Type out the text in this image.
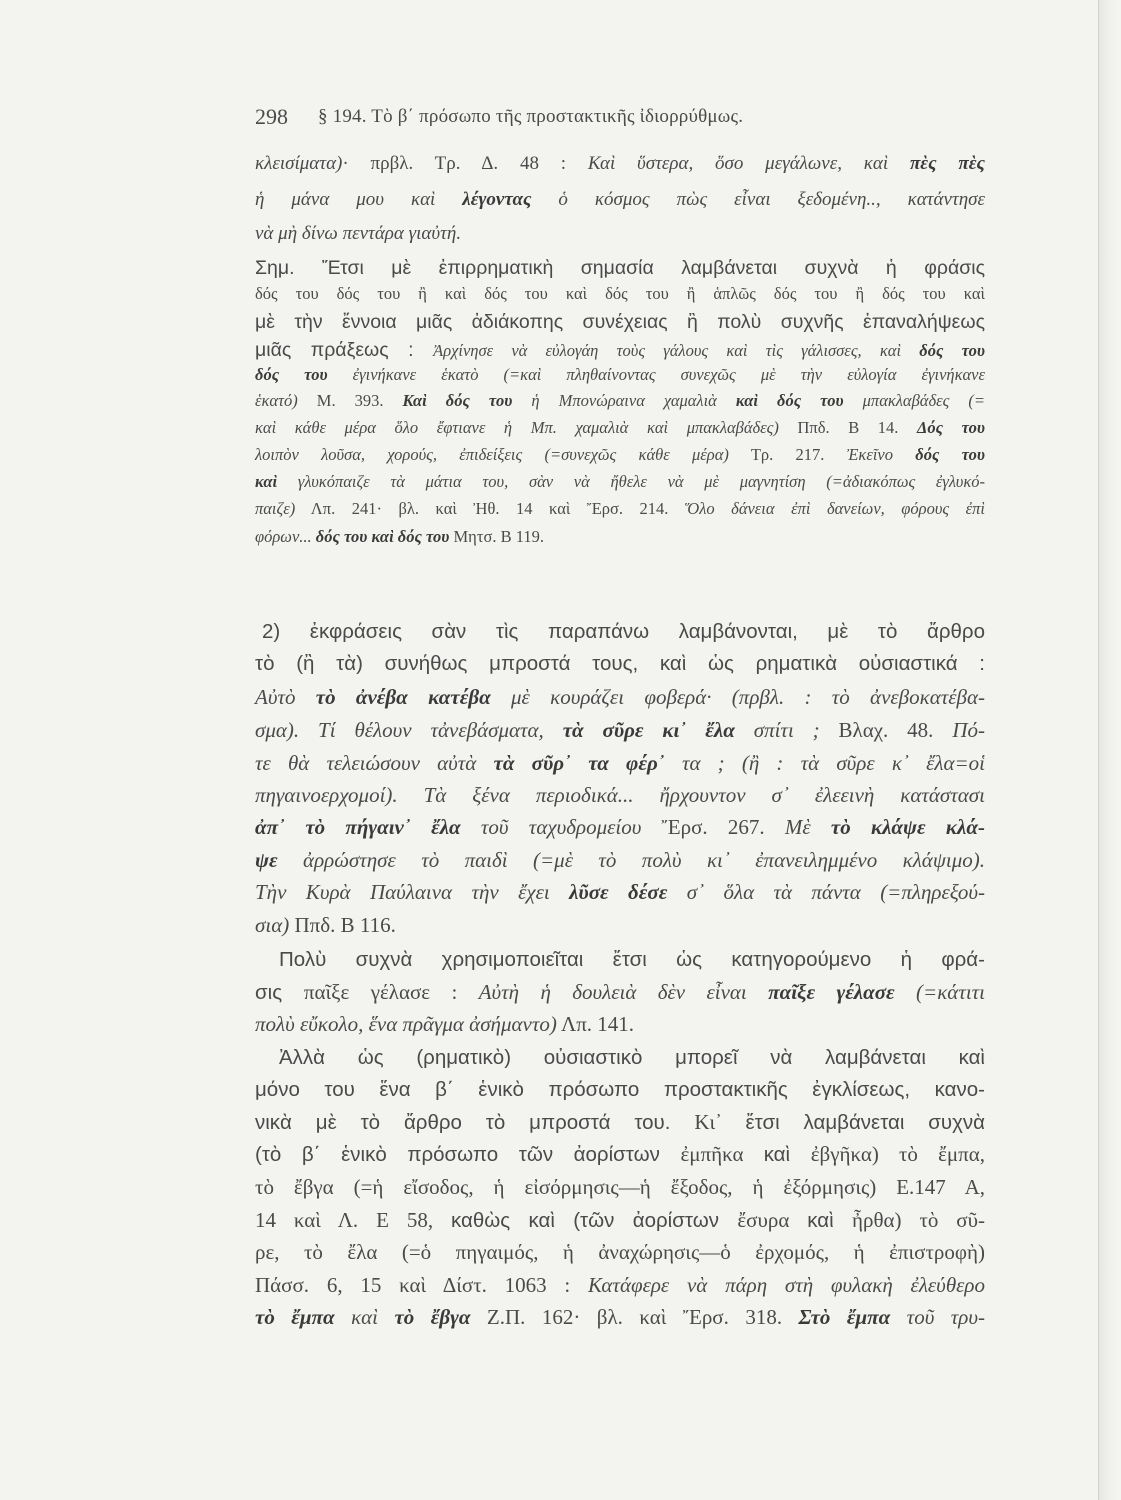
298 § 194. Τὸ β΄ πρόσωπο τῆς προστακτικῆς ἰδιορρύθμως.
κλεισίματα)· πρβλ. Τρ. Δ. 48 : Καὶ ὕστερα, ὅσο μεγάλωνε, καὶ πὲς πὲς
ἡ μάνα μου καὶ λέγοντας ὁ κόσμος πὼς εἶναι ξεδομένη.., κατάντησε
νὰ μὴ δίνω πεντάρα γιαὐτή.
Σημ. Ἔτσι μὲ ἐπιρρηματικὴ σημασία λαμβάνεται συχνὰ ἡ φράσις
δός του δός του ἢ καὶ δός του καὶ δός του ἢ ἁπλῶς δός του ἢ δός του καὶ
μὲ τὴν ἔννοια μιᾶς ἀδιάκοπης συνέχειας ἢ πολὺ συχνῆς ἐπαναλήψεως
μιᾶς πράξεως : Ἀρχίνησε νὰ εὐλογάη τοὺς γάλους καὶ τὶς γάλισσες, καὶ δός του
δός του ἐγινήκανε ἑκατὸ (=καὶ πληθαίνοντας συνεχῶς μὲ τὴν εὐλογία ἐγινήκανε
ἑκατό) Μ. 393. Καὶ δός του ἡ Μπονώραινα χαμαλιὰ καὶ δός του μπακλαβάδες (=
καὶ κάθε μέρα ὅλο ἔφτιανε ἡ Μπ. χαμαλιὰ καὶ μπακλαβάδες) Ππδ. Β 14. Δός του
λοιπὸν λοῦσα, χορούς, ἐπιδείξεις (=συνεχῶς κάθε μέρα) Τρ. 217. Ἐκεῖνο δός του
καὶ γλυκόπαιζε τὰ μάτια του, σὰν νὰ ἤθελε νὰ μὲ μαγνητίση (=ἀδιακόπως ἐγλυκό-
παιζε) Λπ. 241· βλ. καὶ Ἠθ. 14 καὶ Ἔρσ. 214. Ὅλο δάνεια ἐπὶ δανείων, φόρους ἐπὶ
φόρων... δός του καὶ δός του Μητσ. Β 119.
2) ἐκφράσεις σὰν τὶς παραπάνω λαμβάνονται, μὲ τὸ ἄρθρο
τὸ (ἢ τὰ) συνήθως μπροστά τους, καὶ ὡς ρηματικὰ οὐσιαστικά :
Αὐτὸ τὸ ἀνέβα κατέβα μὲ κουράζει φοβερά· (πρβλ. : τὸ ἀνεβοκατέβα-
σμα). Τί θέλουν τἀνεβάσματα, τὰ σῦρε κι᾽ ἔλα σπίτι ; Βλαχ. 48. Πό-
τε θὰ τελειώσουν αὐτὰ τὰ σῦρ᾽ τα φέρ᾽ τα ; (ἢ : τὰ σῦρε κ᾽ ἔλα=οἱ
πηγαινοερχομοί). Τὰ ξένα περιοδικά... ἤρχουντον σ᾽ ἐλεεινὴ κατάστασι
ἀπ᾽ τὸ πήγαιν᾽ ἔλα τοῦ ταχυδρομείου Ἔρσ. 267. Μὲ τὸ κλάψε κλά-
ψε ἀρρώστησε τὸ παιδὶ (=μὲ τὸ πολὺ κι᾽ ἐπανειλημμένο κλάψιμο).
Τὴν Κυρὰ Παύλαινα τὴν ἔχει λῦσε δέσε σ᾽ ὅλα τὰ πάντα (=πληρεξού-
σια) Ππδ. Β 116.
Πολὺ συχνὰ χρησιμοποιεῖται ἔτσι ὡς κατηγορούμενο ἡ φρά-
σις παῖξε γέλασε : Αὐτὴ ἡ δουλειὰ δὲν εἶναι παῖξε γέλασε (=κάτιτι
πολὺ εὔκολο, ἕνα πρᾶγμα ἀσήμαντο) Λπ. 141.
Ἀλλὰ ὡς (ρηματικὸ) οὐσιαστικὸ μπορεῖ νὰ λαμβάνεται καὶ
μόνο του ἕνα β΄ ἑνικὸ πρόσωπο προστακτικῆς ἐγκλίσεως, κανο-
νικὰ μὲ τὸ ἄρθρο τὸ μπροστά του. Κι᾽ ἔτσι λαμβάνεται συχνὰ
(τὸ β΄ ἑνικὸ πρόσωπο τῶν ἀορίστων ἐμπῆκα καὶ ἐβγῆκα) τὸ ἔμπα,
τὸ ἔβγα (=ἡ εἴσοδος, ἡ εἰσόρμησις—ἡ ἔξοδος, ἡ ἐξόρμησις) Ε.147 Α,
14 καὶ Λ. Ε 58, καθὼς καὶ (τῶν ἀορίστων ἔσυρα καὶ ἦρθα) τὸ σῦ-
ρε, τὸ ἔλα (=ὁ πηγαιμός, ἡ ἀναχώρησις—ὁ ἐρχομός, ἡ ἐπιστροφὴ)
Πάσσ. 6, 15 καὶ Δίστ. 1063 : Κατάφερε νὰ πάρη στὴ φυλακὴ ἐλεύθερο
τὸ ἔμπα καὶ τὸ ἔβγα Ζ.Π. 162· βλ. καὶ Ἔρσ. 318. Στὸ ἔμπα τοῦ τρυ-
